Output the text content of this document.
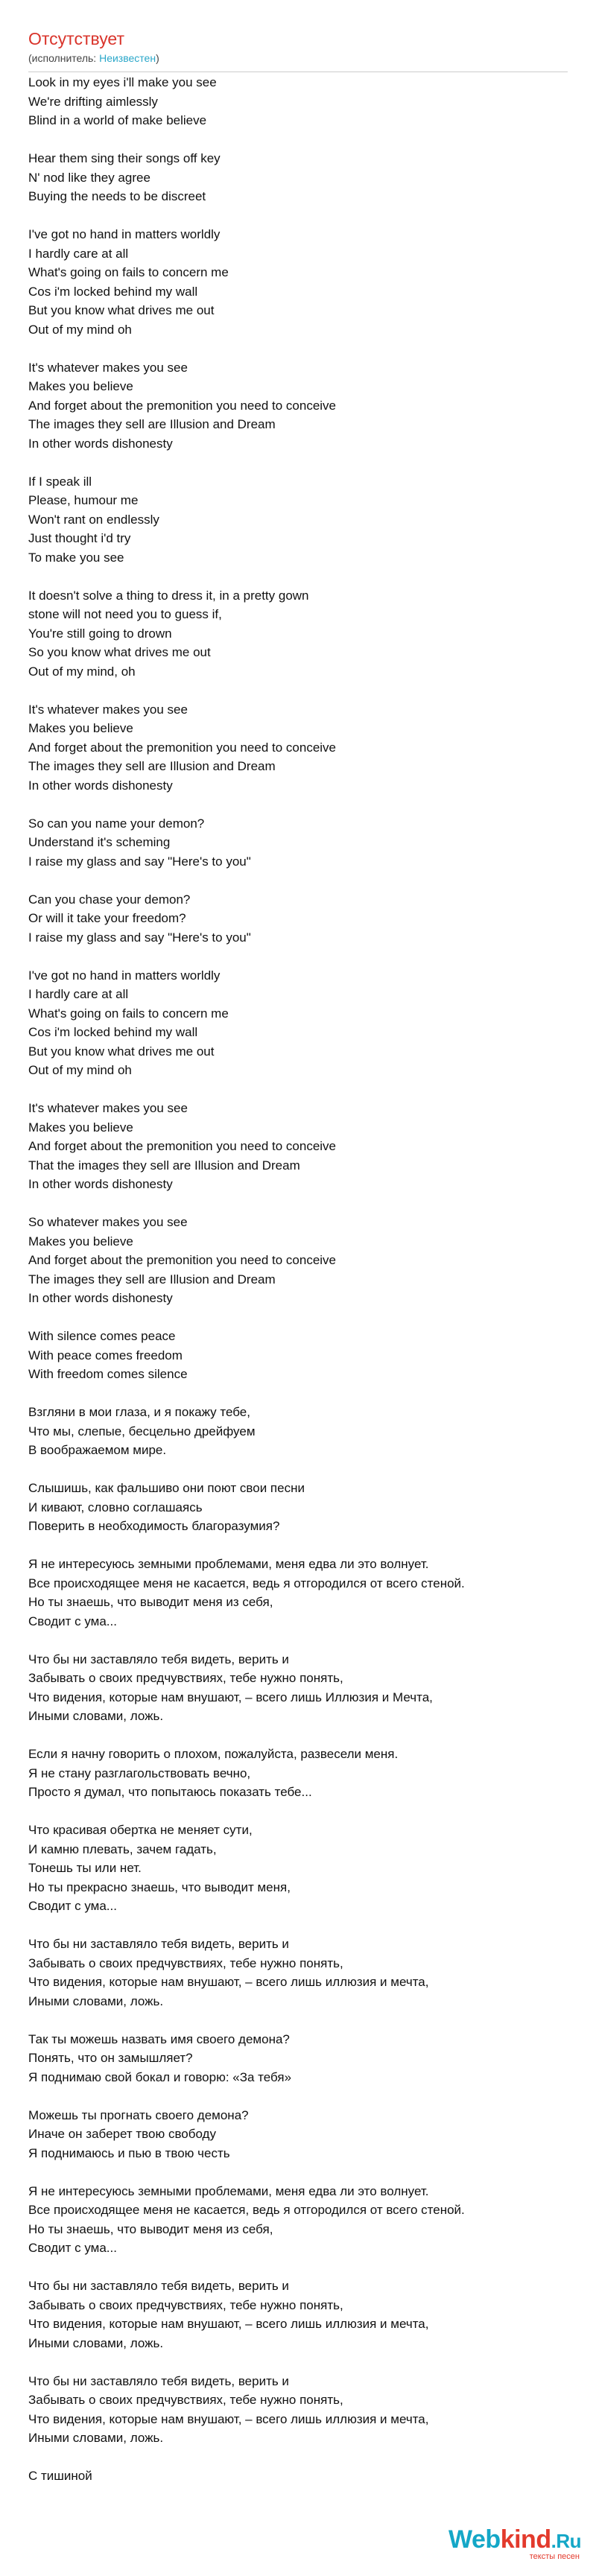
Отсутствует
(исполнитель: Неизвестен)
Look in my eyes i'll make you see
We're drifting aimlessly
Blind in a world of make believe
Hear them sing their songs off key
N' nod like they agree
Buying the needs to be discreet
I've got no hand in matters worldly
I hardly care at all
What's going on fails to concern me
Cos i'm locked behind my wall
But you know what drives me out
Out of my mind oh
It's whatever makes you see
Makes you believe
And forget about the premonition you need to conceive
The images they sell are Illusion and Dream
In other words dishonesty
If I speak ill
Please, humour me
Won't rant on endlessly
Just thought i'd try
To make you see
It doesn't solve a thing to dress it, in a pretty gown
stone will not need you to guess if,
You're still going to drown
So you know what drives me out
Out of my mind, oh
It's whatever makes you see
Makes you believe
And forget about the premonition you need to conceive
The images they sell are Illusion and Dream
In other words dishonesty
So can you name your demon?
Understand it's scheming
I raise my glass and say "Here's to you"
Can you chase your demon?
Or will it take your freedom?
I raise my glass and say "Here's to you"
I've got no hand in matters worldly
I hardly care at all
What's going on fails to concern me
Cos i'm locked behind my wall
But you know what drives me out
Out of my mind oh
It's whatever makes you see
Makes you believe
And forget about the premonition you need to conceive
That the images they sell are Illusion and Dream
In other words dishonesty
So whatever makes you see
Makes you believe
And forget about the premonition you need to conceive
The images they sell are Illusion and Dream
In other words dishonesty
With silence comes peace
With peace comes freedom
With freedom comes silence
Взгляни в мои глаза, и я покажу тебе,
Что мы, слепые, бесцельно дрейфуем
В воображаемом мире.
Слышишь, как фальшиво они поют свои песни
И кивают, словно соглашаясь
Поверить в необходимость благоразумия?
Я не интересуюсь земными проблемами, меня едва ли это волнует.
Все происходящее меня не касается, ведь я отгородился от всего стеной.
Но ты знаешь, что выводит меня из себя,
Сводит с ума...
Что бы ни заставляло тебя видеть, верить и
Забывать о своих предчувствиях, тебе нужно понять,
Что видения, которые нам внушают, – всего лишь Иллюзия и Мечта,
Иными словами, ложь.
Если я начну говорить о плохом, пожалуйста, развесели меня.
Я не стану разглагольствовать вечно,
Просто я думал, что попытаюсь показать тебе...
Что красивая обертка не меняет сути,
И камню плевать, зачем гадать,
Тонешь ты или нет.
Но ты прекрасно знаешь, что выводит меня,
Сводит с ума...
Что бы ни заставляло тебя видеть, верить и
Забывать о своих предчувствиях, тебе нужно понять,
Что видения, которые нам внушают, – всего лишь иллюзия и мечта,
Иными словами, ложь.
Так ты можешь назвать имя своего демона?
Понять, что он замышляет?
Я поднимаю свой бокал и говорю: «За тебя»
Можешь ты прогнать своего демона?
Иначе он заберет твою свободу
Я поднимаюсь и пью в твою честь
Я не интересуюсь земными проблемами, меня едва ли это волнует.
Все происходящее меня не касается, ведь я отгородился от всего стеной.
Но ты знаешь, что выводит меня из себя,
Сводит с ума...
Что бы ни заставляло тебя видеть, верить и
Забывать о своих предчувствиях, тебе нужно понять,
Что видения, которые нам внушают, – всего лишь иллюзия и мечта,
Иными словами, ложь.
Что бы ни заставляло тебя видеть, верить и
Забывать о своих предчувствиях, тебе нужно понять,
Что видения, которые нам внушают, – всего лишь иллюзия и мечта,
Иными словами, ложь.
С тишиной
Webkind.Ru
тексты песен
